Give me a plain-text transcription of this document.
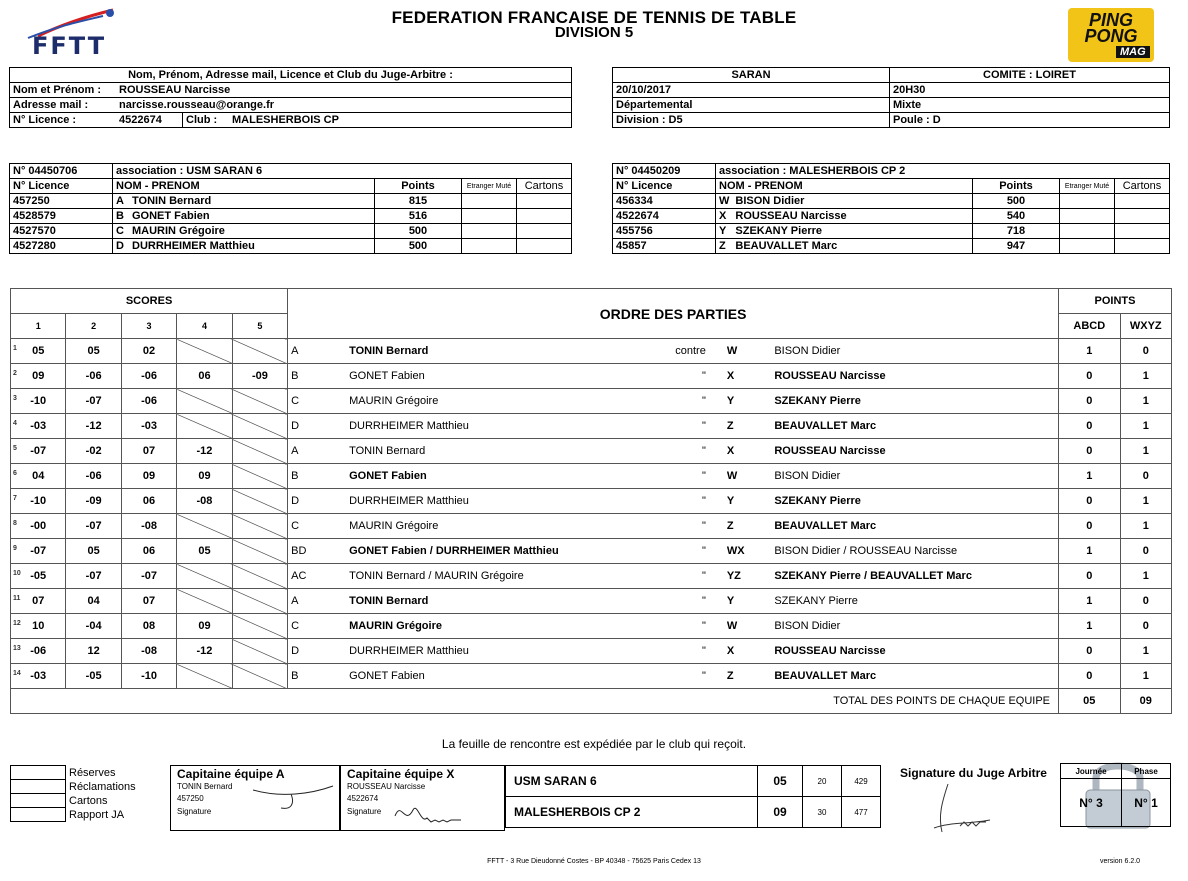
FFTT
FEDERATION FRANCAISE DE TENNIS DE TABLE
DIVISION 5
PING
PONG
MAG
Nom, Prénom, Adresse mail, Licence et Club du Juge-Arbitre :			
Nom et Prénom :	ROUSSEAU Narcisse		
Adresse mail :	narcisse.rousseau@orange.fr		
N° Licence :	4522674	Club :	MALESHERBOIS CP
SARAN	COMITE : LOIRET
20/10/2017	20H30
Départemental	Mixte
Division : D5	Poule : D
N° 04450706	association : USM SARAN 6				
N° Licence	NOM - PRENOM		Points	Etranger Muté	Cartons
457250	A	TONIN Bernard	815		
4528579	B	GONET Fabien	516		
4527570	C	MAURIN Grégoire	500		
4527280	D	DURRHEIMER Matthieu	500		
N° 04450209	association : MALESHERBOIS CP 2				
N° Licence	NOM - PRENOM		Points	Etranger Muté	Cartons
456334	W	BISON Didier	500		
4522674	X	ROUSSEAU Narcisse	540		
455756	Y	SZEKANY Pierre	718		
45857	Z	BEAUVALLET Marc	947		
SCORES					ORDRE DES PARTIES					POINTS	
1	2	3	4	5						ABCD	WXYZ

1 05	05	02			A	TONIN Bernard	contre	W	BISON Didier	1	0

2 09	-06	-06	06	-09	B	GONET Fabien	"	X	ROUSSEAU Narcisse	0	1

3 -10	-07	-06			C	MAURIN Grégoire	"	Y	SZEKANY Pierre	0	1

4 -03	-12	-03			D	DURRHEIMER Matthieu	"	Z	BEAUVALLET Marc	0	1

5 -07	-02	07	-12		A	TONIN Bernard	"	X	ROUSSEAU Narcisse	0	1

6 04	-06	09	09		B	GONET Fabien	"	W	BISON Didier	1	0

7 -10	-09	06	-08		D	DURRHEIMER Matthieu	"	Y	SZEKANY Pierre	0	1

8 -00	-07	-08			C	MAURIN Grégoire	"	Z	BEAUVALLET Marc	0	1

9 -07	05	06	05		BD	GONET Fabien / DURRHEIMER Matthieu	"	WX	BISON Didier / ROUSSEAU Narcisse	1	0

10 -05	-07	-07			AC	TONIN Bernard / MAURIN Grégoire	"	YZ	SZEKANY Pierre / BEAUVALLET Marc	0	1

11 07	04	07			A	TONIN Bernard	"	Y	SZEKANY Pierre	1	0

12 10	-04	08	09		C	MAURIN Grégoire	"	W	BISON Didier	1	0

13 -06	12	-08	-12		D	DURRHEIMER Matthieu	"	X	ROUSSEAU Narcisse	0	1

14 -03	-05	-10			B	GONET Fabien	"	Z	BEAUVALLET Marc	0	1
TOTAL DES POINTS DE CHAQUE EQUIPE										05	09
La feuille de rencontre est expédiée par le club qui reçoit.
	Réserves
	Réclamations
	Cartons
	Rapport JA
Capitaine équipe A
TONIN Bernard
457250
Signature
Capitaine équipe X
ROUSSEAU Narcisse
4522674
Signature
USM SARAN 6	05	20	429
MALESHERBOIS CP 2	09	30	477
Signature du Juge Arbitre	Journée	Phase
N° 3	N° 1
FFTT - 3 Rue Dieudonné Costes - BP 40348 - 75625 Paris Cedex 13	version 6.2.0
